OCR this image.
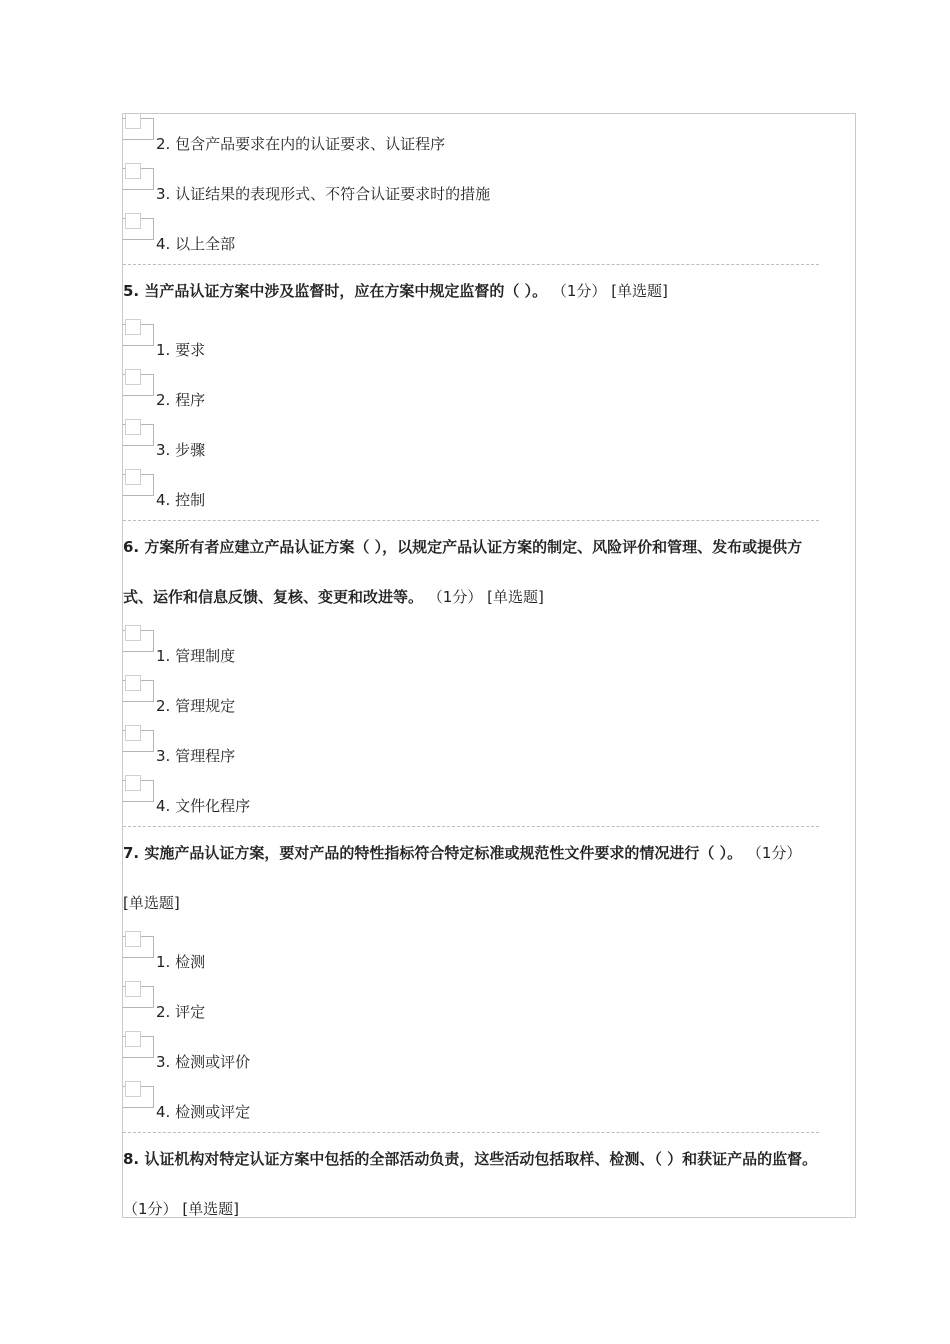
2. 包含产品要求在内的认证要求、认证程序
3. 认证结果的表现形式、不符合认证要求时的措施
4. 以上全部
5. 当产品认证方案中涉及监督时，应在方案中规定监督的（ ）。 （1分） [单选题]
1. 要求
2. 程序
3. 步骤
4. 控制
6. 方案所有者应建立产品认证方案（ ），以规定产品认证方案的制定、风险评价和管理、发布或提供方式、运作和信息反馈、复核、变更和改进等。 （1分） [单选题]
1. 管理制度
2. 管理规定
3. 管理程序
4. 文件化程序
7. 实施产品认证方案，要对产品的特性指标符合特定标准或规范性文件要求的情况进行（ ）。 （1分） [单选题]
1. 检测
2. 评定
3. 检测或评价
4. 检测或评定
8. 认证机构对特定认证方案中包括的全部活动负责，这些活动包括取样、检测、（ ）和获证产品的监督。 （1分） [单选题]
